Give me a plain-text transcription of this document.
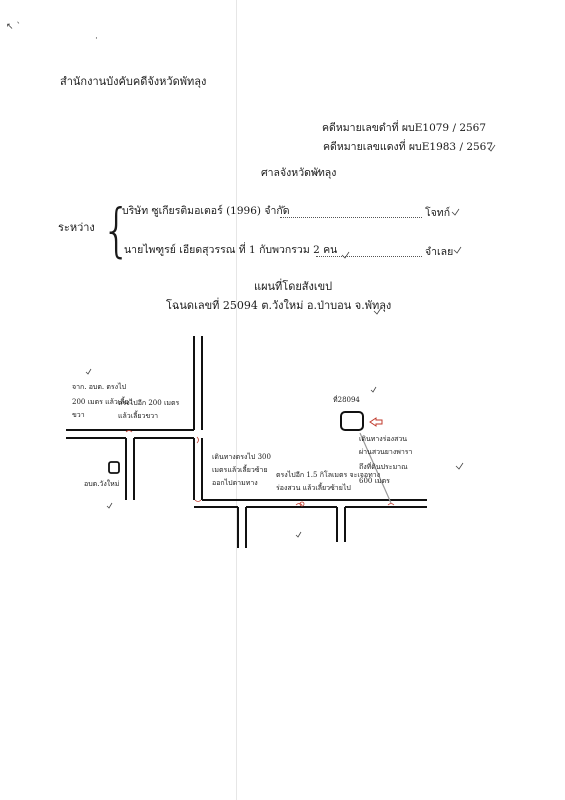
↖ `
·
สำนักงานบังคับคดีจังหวัดพัทลุง
คดีหมายเลขดำที่ ผบE1079 / 2567
คดีหมายเลขแดงที่ ผบE1983 / 2567
ศาลจังหวัดพัทลุง
ระหว่าง {
บริษัท ซูเกียรติมอเตอร์ (1996) จำกัด	โจทก์
นายไพฑูรย์ เอียดสุวรรณ ที่ 1 กับพวกรวม 2 คน	จำเลย
แผนที่โดยสังเขป
โฉนดเลขที่ 25094 ต.วังใหม่ อ.ป่าบอน จ.พัทลุง
จาก. อบต. ตรงไป
200 เมตร แล้วเลี้ยว
ขวา
ตรงไปอีก 200 เมตร
แล้วเลี้ยวขวา
เดินทางตรงไป 300
เมตรแล้วเลี้ยวซ้าย
ออกไปตามทาง
ตรงไปอีก 1.5 กิโลเมตร จะเจอทาง
ร่องสวน แล้วเลี้ยวซ้ายไป
เดินทางร่องสวน
ผ่านสวนยางพารา
ถึงที่ดินประมาณ
600 เมตร
อบต.วังใหม่
ที่28094
